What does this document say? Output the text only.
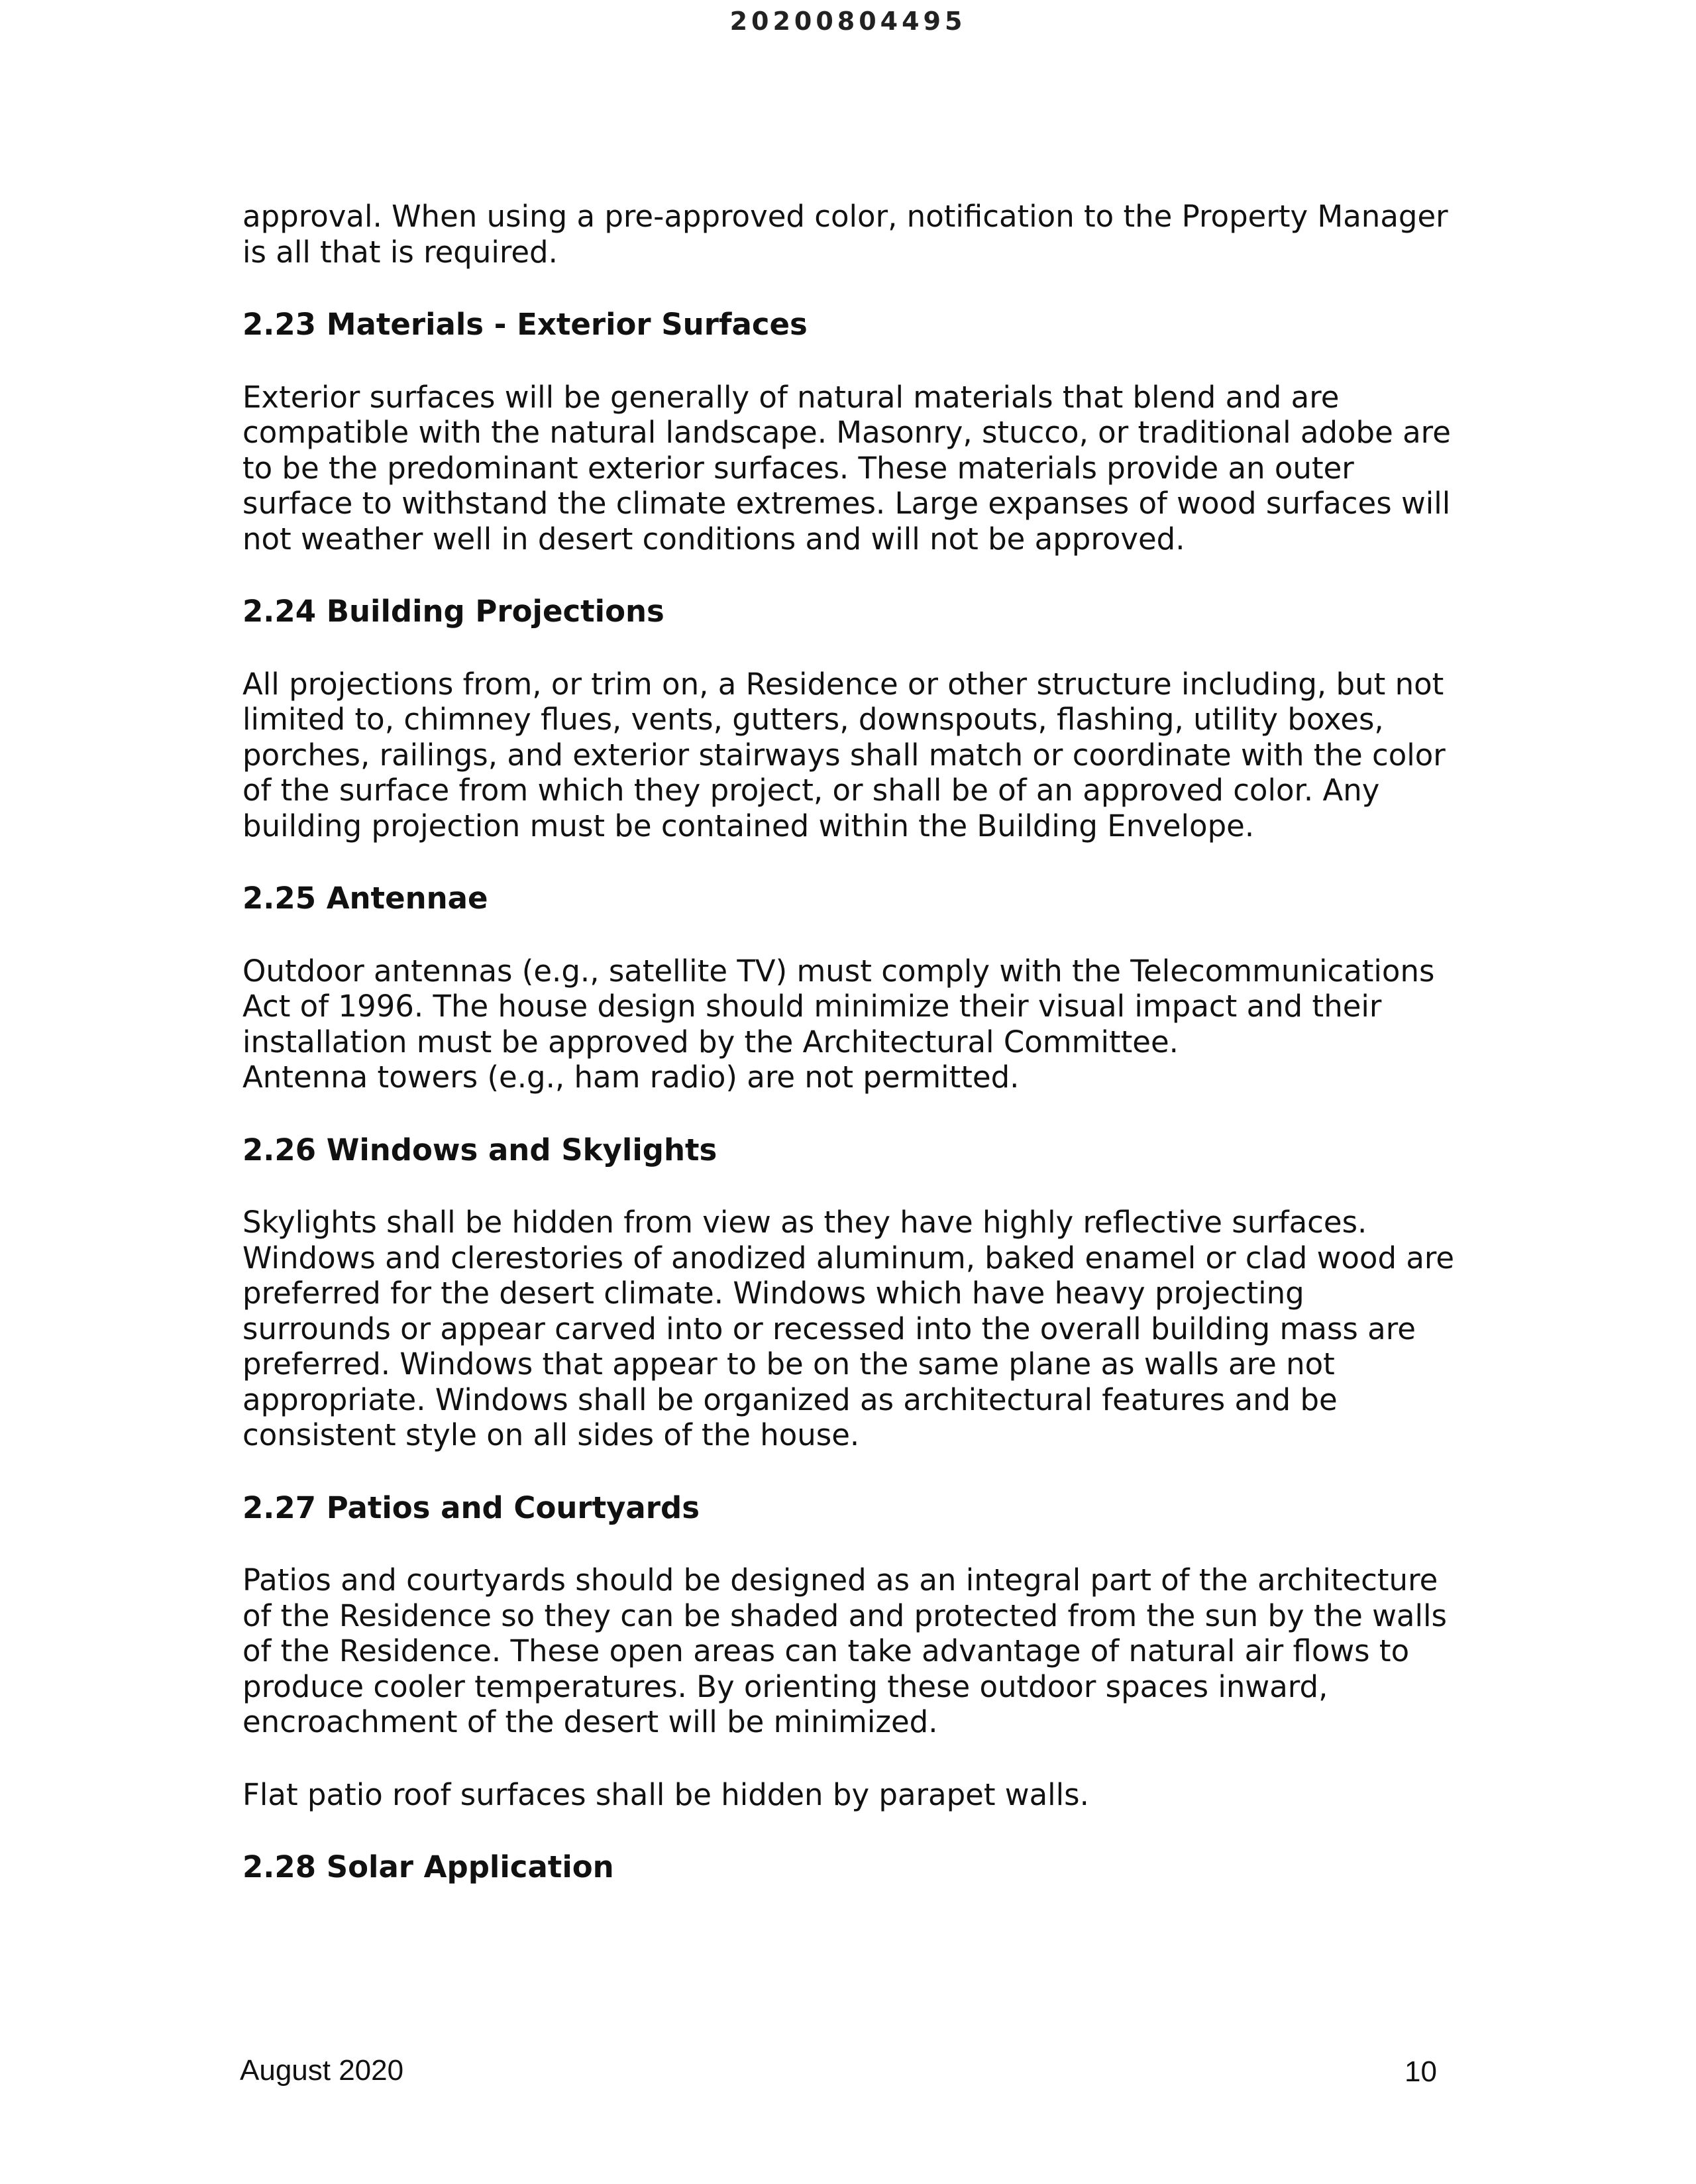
20200804495

approval. When using a pre-approved color, notification to the Property Manager
is all that is required.

2.23 Materials - Exterior Surfaces

Exterior surfaces will be generally of natural materials that blend and are
compatible with the natural landscape. Masonry, stucco, or traditional adobe are
to be the predominant exterior surfaces. These materials provide an outer
surface to withstand the climate extremes. Large expanses of wood surfaces will
not weather well in desert conditions and will not be approved.

2.24 Building Projections

All projections from, or trim on, a Residence or other structure including, but not
limited to, chimney flues, vents, gutters, downspouts, flashing, utility boxes,
porches, railings, and exterior stairways shall match or coordinate with the color
of the surface from which they project, or shall be of an approved color. Any
building projection must be contained within the Building Envelope.

2.25 Antennae

Outdoor antennas (e.g., satellite TV) must comply with the Telecommunications
Act of 1996. The house design should minimize their visual impact and their
installation must be approved by the Architectural Committee.
Antenna towers (e.g., ham radio) are not permitted.

2.26 Windows and Skylights

Skylights shall be hidden from view as they have highly reflective surfaces.
Windows and clerestories of anodized aluminum, baked enamel or clad wood are
preferred for the desert climate. Windows which have heavy projecting
surrounds or appear carved into or recessed into the overall building mass are
preferred. Windows that appear to be on the same plane as walls are not
appropriate. Windows shall be organized as architectural features and be
consistent style on all sides of the house.

2.27 Patios and Courtyards

Patios and courtyards should be designed as an integral part of the architecture
of the Residence so they can be shaded and protected from the sun by the walls
of the Residence. These open areas can take advantage of natural air flows to
produce cooler temperatures. By orienting these outdoor spaces inward,
encroachment of the desert will be minimized.

Flat patio roof surfaces shall be hidden by parapet walls.

2.28 Solar Application
August 2020	10
